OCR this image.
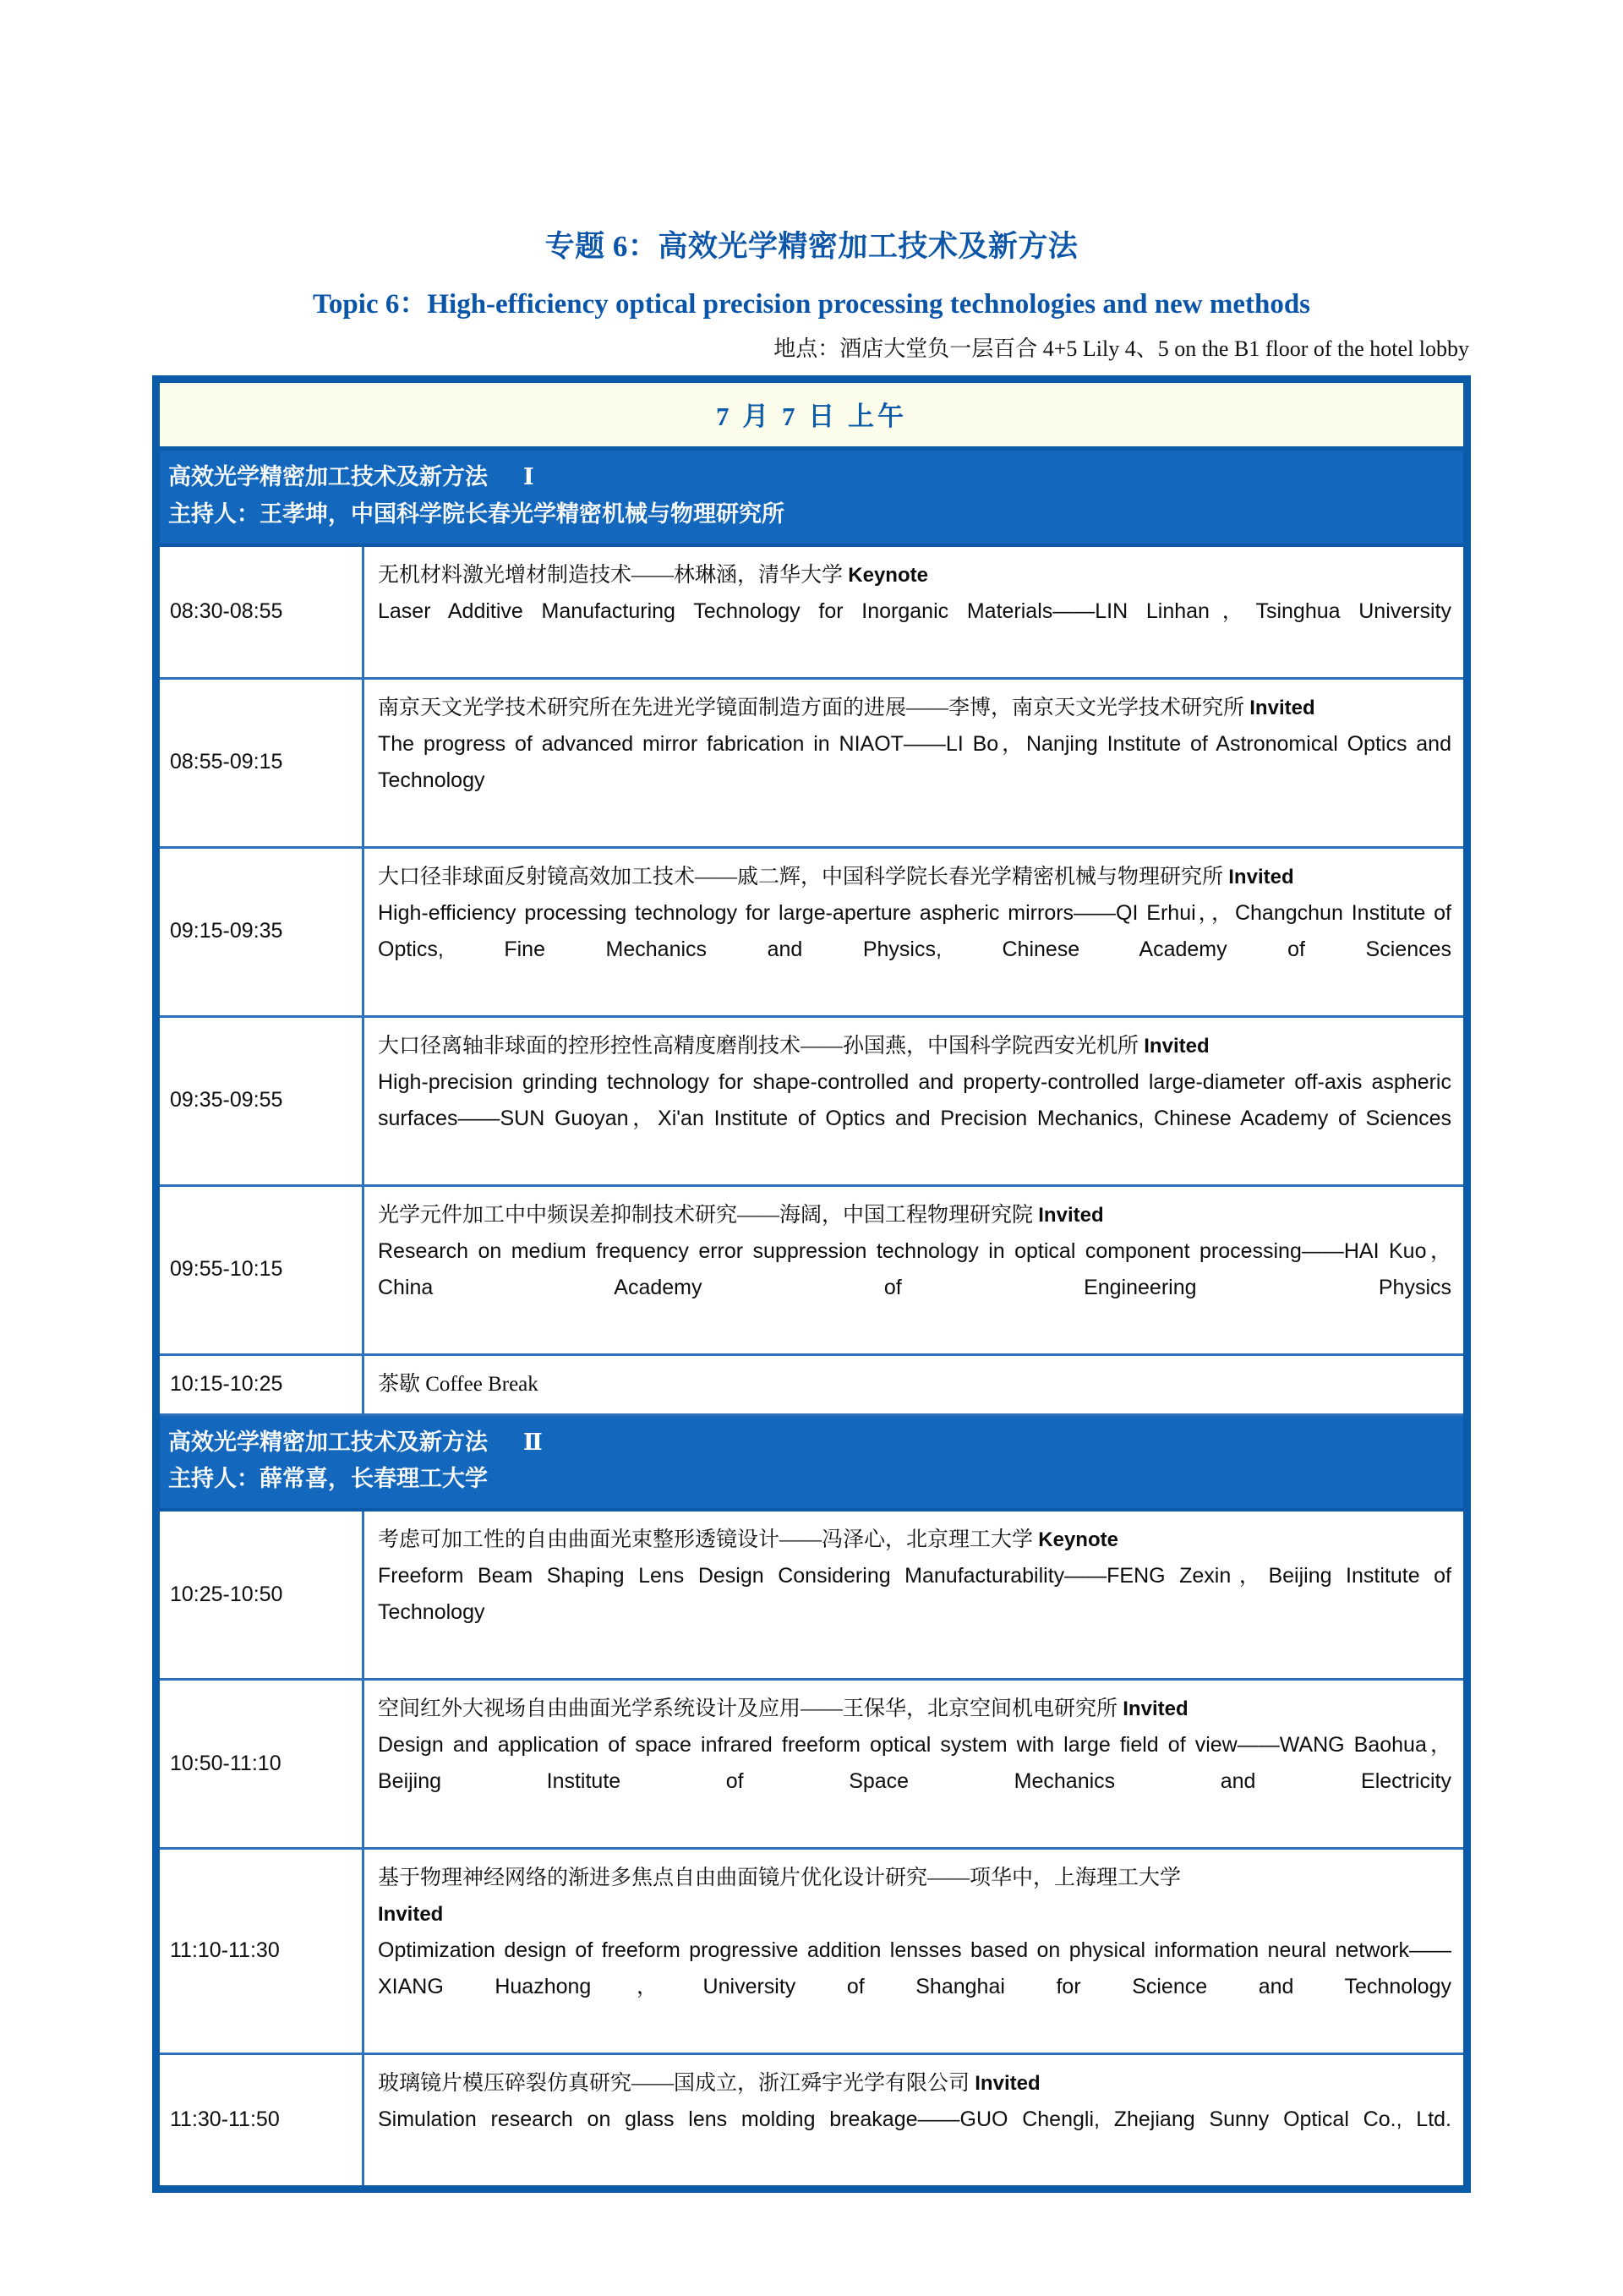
专题 6：高效光学精密加工技术及新方法
Topic 6：High-efficiency optical precision processing technologies and new methods
地点：酒店大堂负一层百合 4+5 Lily 4、5 on the B1 floor of the hotel lobby
7 月 7 日 上午	

高效光学精密加工技术及新方法 Ⅰ
主持人：王孝坤，中国科学院长春光学精密机械与物理研究所	

08:30-08:55	无机材料激光增材制造技术——林琳涵，清华大学 Keynote

Laser Additive Manufacturing Technology for Inorganic Materials——LIN Linhan，Tsinghua University

08:55-09:15	南京天文光学技术研究所在先进光学镜面制造方面的进展——李博，南京天文光学技术研究所 Invited

The progress of advanced mirror fabrication in NIAOT——LI Bo，Nanjing Institute of Astronomical Optics and Technology

09:15-09:35	大口径非球面反射镜高效加工技术——戚二辉，中国科学院长春光学精密机械与物理研究所 Invited

High-efficiency processing technology for large-aperture aspheric mirrors——QI Erhui，，Changchun Institute of Optics, Fine Mechanics and Physics, Chinese Academy of Sciences

09:35-09:55	大口径离轴非球面的控形控性高精度磨削技术——孙国燕，中国科学院西安光机所 Invited

High-precision grinding technology for shape-controlled and property-controlled large-diameter off-axis aspheric surfaces——SUN Guoyan，Xi'an Institute of Optics and Precision Mechanics, Chinese Academy of Sciences

09:55-10:15	光学元件加工中中频误差抑制技术研究——海阔，中国工程物理研究院 Invited

Research on medium frequency error suppression technology in optical component processing——HAI Kuo，China Academy of Engineering Physics

10:15-10:25	茶歇 Coffee Break

高效光学精密加工技术及新方法 Ⅱ
主持人：薛常喜，长春理工大学	

10:25-10:50	考虑可加工性的自由曲面光束整形透镜设计——冯泽心，北京理工大学 Keynote

Freeform Beam Shaping Lens Design Considering Manufacturability——FENG Zexin，Beijing Institute of Technology

10:50-11:10	空间红外大视场自由曲面光学系统设计及应用——王保华，北京空间机电研究所 Invited

Design and application of space infrared freeform optical system with large field of view——WANG Baohua，Beijing Institute of Space Mechanics and Electricity

11:10-11:30	基于物理神经网络的渐进多焦点自由曲面镜片优化设计研究——项华中，上海理工大学
Invited

Optimization design of freeform progressive addition lensses based on physical information neural network——XIANG Huazhong，University of Shanghai for Science and Technology

11:30-11:50	玻璃镜片模压碎裂仿真研究——国成立，浙江舜宇光学有限公司 Invited

Simulation research on glass lens molding breakage——GUO Chengli, Zhejiang Sunny Optical Co., Ltd.
